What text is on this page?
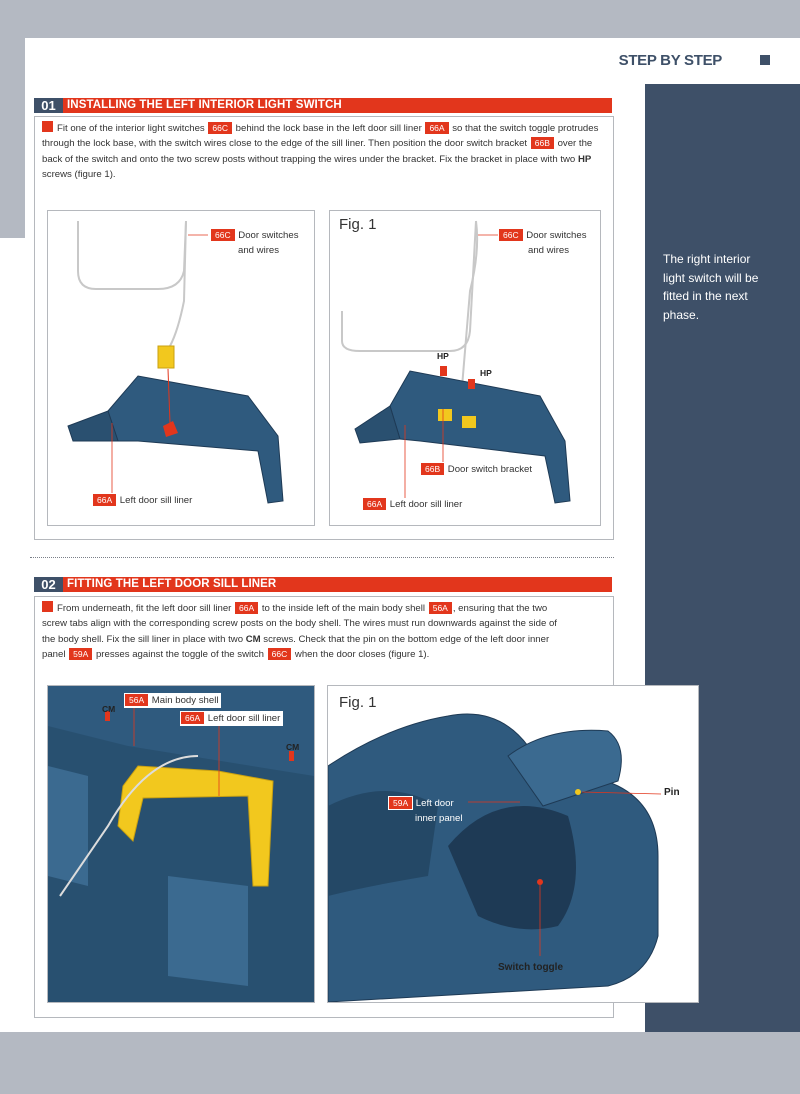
STEP BY STEP
The right interior light switch will be fitted in the next phase.
01 INSTALLING THE LEFT INTERIOR LIGHT SWITCH
Fit one of the interior light switches 66C behind the lock base in the left door sill liner 66A so that the switch toggle protrudes through the lock base, with the switch wires close to the edge of the sill liner. Then position the door switch bracket 66B over the back of the switch and onto the two screw posts without trapping the wires under the bracket. Fix the bracket in place with two HP screws (figure 1).
66C Door switches
and wires
66A Left door sill liner
Fig. 1
HP
HP
66C Door switches
and wires
66B Door switch bracket
66A Left door sill liner
02 FITTING THE LEFT DOOR SILL LINER
From underneath, fit the left door sill liner 66A to the inside left of the main body shell 56A , ensuring that the two screw tabs align with the corresponding screw posts on the body shell. The wires must run downwards against the side of the body shell. Fix the sill liner in place with two CM screws. Check that the pin on the bottom edge of the left door inner panel 59A presses against the toggle of the switch 66C when the door closes (figure 1).
CM
CM
56A Main body shell
66A Left door sill liner
Fig. 1
59A Left door
inner panel
Pin
Switch toggle
